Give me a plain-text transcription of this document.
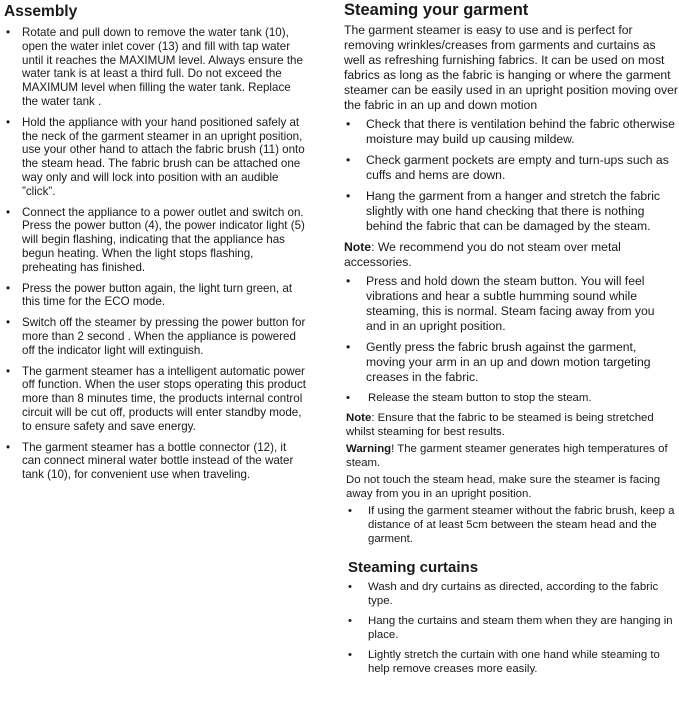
Assembly
• Rotate and pull down to remove the water tank (10), open the water inlet cover (13) and fill with tap water until it reaches the MAXIMUM level. Always ensure the water tank is at least a third full. Do not exceed the MAXIMUM level when filling the water tank. Replace the water tank .
• Hold the appliance with your hand positioned safely at the neck of the garment steamer in an upright position, use your other hand to attach the fabric brush (11) onto the steam head. The fabric brush can be attached one way only and will lock into position with an audible ”click”.
• Connect the appliance to a power outlet and switch on. Press the power button (4), the power indicator light (5) will begin flashing, indicating that the appliance has begun heating. When the light stops flashing, preheating has finished.
• Press the power button again, the light turn green, at this time for the ECO mode.
• Switch off the steamer by pressing the power button for more than 2 second . When the appliance is powered off the indicator light will extinguish.
• The garment steamer has a intelligent automatic power off function. When the user stops operating this product more than 8 minutes time, the products internal control circuit will be cut off, products will enter standby mode, to ensure safety and save energy.
• The garment steamer has a bottle connector (12), it can connect mineral water bottle instead of the water tank (10), for convenient use when traveling.
Steaming your garment

The garment steamer is easy to use and is perfect for removing wrinkles/creases from garments and curtains as well as refreshing furnishing fabrics. It can be used on most fabrics as long as the fabric is hanging or where the garment steamer can be easily used in an upright position moving over the fabric in an up and down motion

• Check that there is ventilation behind the fabric otherwise moisture may build up causing mildew.
• Check garment pockets are empty and turn-ups such as cuffs and hems are down.
• Hang the garment from a hanger and stretch the fabric slightly with one hand checking that there is nothing behind the fabric that can be damaged by the steam.

Note: We recommend you do not steam over metal accessories.

• Press and hold down the steam button. You will feel vibrations and hear a subtle humming sound while steaming, this is normal. Steam facing away from you and in an upright position.
• Gently press the fabric brush against the garment, moving your arm in an up and down motion targeting creases in the fabric.
• Release the steam button to stop the steam.

Note: Ensure that the fabric to be steamed is being stretched whilst steaming for best results.

Warning! The garment steamer generates high temperatures of steam.

Do not touch the steam head, make sure the steamer is facing away from you in an upright position.

• If using the garment steamer without the fabric brush, keep a distance of at least 5cm between the steam head and the garment.
Steaming curtains
• Wash and dry curtains as directed, according to the fabric type.
• Hang the curtains and steam them when they are hanging in place.
• Lightly stretch the curtain with one hand while steaming to help remove creases more easily.
